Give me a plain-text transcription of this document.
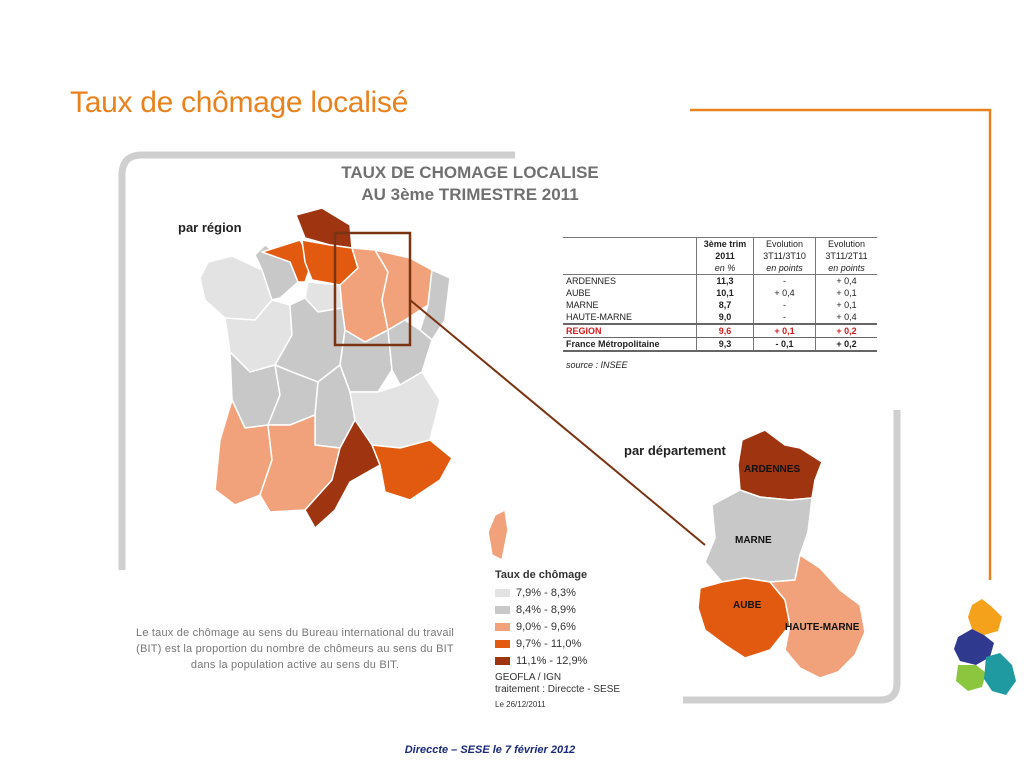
Taux de chômage localisé
TAUX DE CHOMAGE LOCALISE
AU 3ème TRIMESTRE 2011
par région
ARDENNES
MARNE
AUBE
HAUTE-MARNE
par département
	3ème trim	Evolution	Evolution
	2011	3T11/3T10	3T11/2T11
	en %	en points	en points
ARDENNES	11,3	-	+ 0,4
AUBE	10,1	+ 0,4	+ 0,1
MARNE	8,7	-	+ 0,1
HAUTE-MARNE	9,0	-	+ 0,4
REGION	9,6	+ 0,1	+ 0,2
France Métropolitaine	9,3	- 0,1	+ 0,2
source : INSEE
Taux de chômage
7,9% - 8,3%
8,4% - 8,9%
9,0% - 9,6%
9,7% - 11,0%
11,1% - 12,9%
GEOFLA / IGN
traitement : Direccte - SESE
Le 26/12/2011
Le taux de chômage au sens du Bureau international du travail
(BIT) est la proportion du nombre de chômeurs au sens du BIT
dans la population active au sens du BIT.
Direccte – SESE le 7 février 2012
